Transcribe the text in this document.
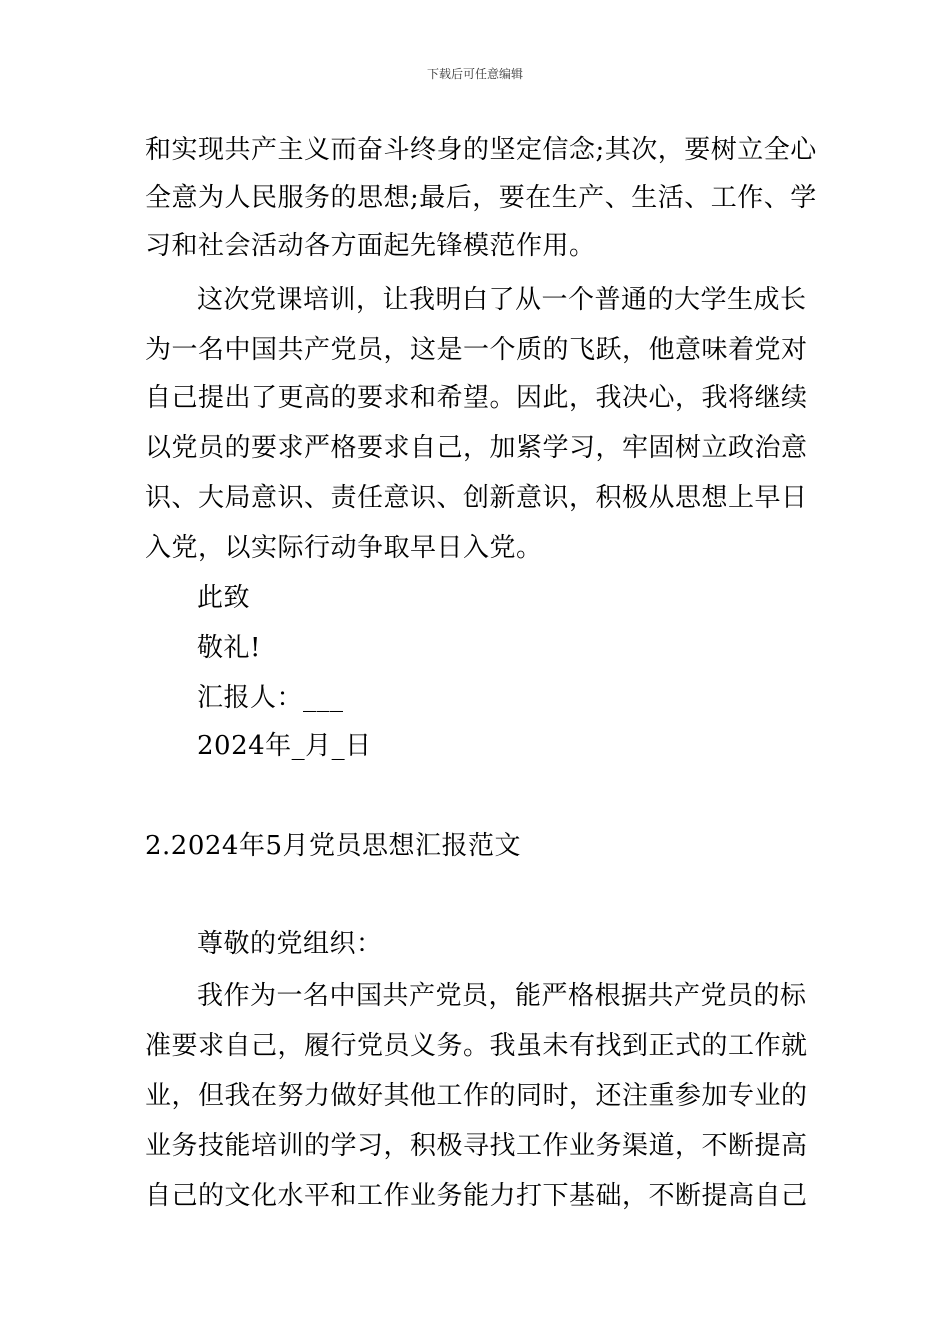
下载后可任意编辑
和实现共产主义而奋斗终身的坚定信念;其次，要树立全心
全意为人民服务的思想;最后，要在生产、生活、工作、学
习和社会活动各方面起先锋模范作用。
这次党课培训，让我明白了从一个普通的大学生成长
为一名中国共产党员，这是一个质的飞跃，他意味着党对
自己提出了更高的要求和希望。因此，我决心，我将继续
以党员的要求严格要求自己，加紧学习，牢固树立政治意
识、大局意识、责任意识、创新意识，积极从思想上早日
入党，以实际行动争取早日入党。
此致
敬礼!
汇报人：___
2024年_月_日
2.2024年5月党员思想汇报范文
尊敬的党组织：
我作为一名中国共产党员，能严格根据共产党员的标
准要求自己，履行党员义务。我虽未有找到正式的工作就
业，但我在努力做好其他工作的同时，还注重参加专业的
业务技能培训的学习，积极寻找工作业务渠道，不断提高
自己的文化水平和工作业务能力打下基础，不断提高自己
